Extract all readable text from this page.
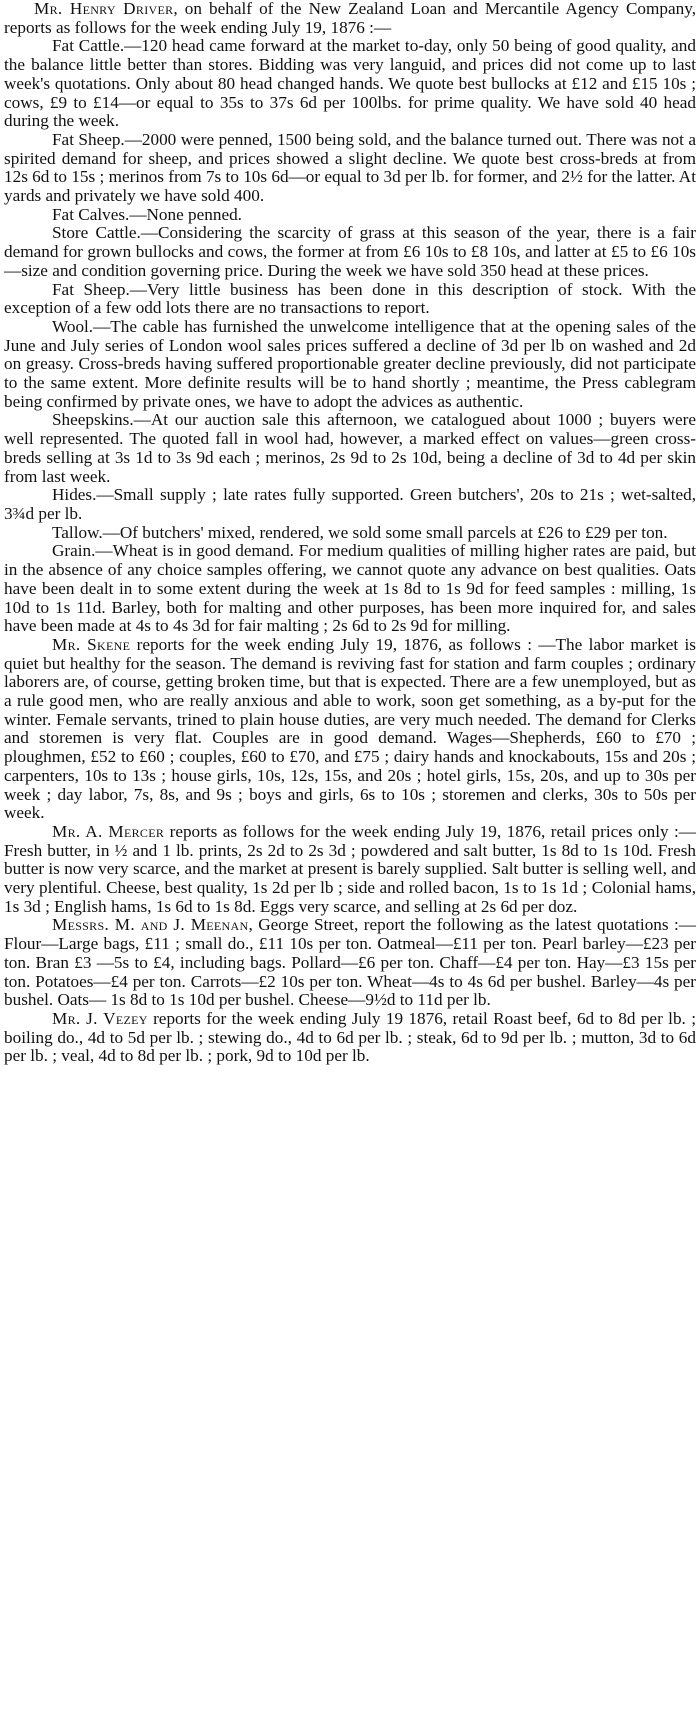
Mr. Henry Driver, on behalf of the New Zealand Loan and Mercantile Agency Company, reports as follows for the week ending July 19, 1876 :—

Fat Cattle.—120 head came forward at the market to-day, only 50 being of good quality, and the balance little better than stores. Bidding was very languid, and prices did not come up to last week's quotations. Only about 80 head changed hands. We quote best bullocks at £12 and £15 10s ; cows, £9 to £14—or equal to 35s to 37s 6d per 100lbs. for prime quality. We have sold 40 head during the week.

Fat Sheep.—2000 were penned, 1500 being sold, and the balance turned out. There was not a spirited demand for sheep, and prices showed a slight decline. We quote best cross-breds at from 12s 6d to 15s ; merinos from 7s to 10s 6d—or equal to 3d per lb. for former, and 2½ for the latter. At yards and privately we have sold 400.

Fat Calves.—None penned.

Store Cattle.—Considering the scarcity of grass at this season of the year, there is a fair demand for grown bullocks and cows, the former at from £6 10s to £8 10s, and latter at £5 to £6 10s—size and condition governing price. During the week we have sold 350 head at these prices.

Fat Sheep.—Very little business has been done in this description of stock. With the exception of a few odd lots there are no transactions to report.

Wool.—The cable has furnished the unwelcome intelligence that at the opening sales of the June and July series of London wool sales prices suffered a decline of 3d per lb on washed and 2d on greasy. Cross-breds having suffered proportionable greater decline previously, did not participate to the same extent. More definite results will be to hand shortly ; meantime, the Press cablegram being confirmed by private ones, we have to adopt the advices as authentic.

Sheepskins.—At our auction sale this afternoon, we catalogued about 1000 ; buyers were well represented. The quoted fall in wool had, however, a marked effect on values—green cross-breds selling at 3s 1d to 3s 9d each ; merinos, 2s 9d to 2s 10d, being a decline of 3d to 4d per skin from last week.

Hides.—Small supply ; late rates fully supported. Green butchers', 20s to 21s ; wet-salted, 3¾d per lb.

Tallow.—Of butchers' mixed, rendered, we sold some small parcels at £26 to £29 per ton.

Grain.—Wheat is in good demand. For medium qualities of milling higher rates are paid, but in the absence of any choice samples offering, we cannot quote any advance on best qualities. Oats have been dealt in to some extent during the week at 1s 8d to 1s 9d for feed samples : milling, 1s 10d to 1s 11d. Barley, both for malting and other purposes, has been more inquired for, and sales have been made at 4s to 4s 3d for fair malting ; 2s 6d to 2s 9d for milling.

Mr. Skene reports for the week ending July 19, 1876, as follows : —The labor market is quiet but healthy for the season. The demand is reviving fast for station and farm couples ; ordinary laborers are, of course, getting broken time, but that is expected. There are a few unemployed, but as a rule good men, who are really anxious and able to work, soon get something, as a by-put for the winter. Female servants, trined to plain house duties, are very much needed. The demand for Clerks and storemen is very flat. Couples are in good demand. Wages—Shepherds, £60 to £70 ; ploughmen, £52 to £60 ; couples, £60 to £70, and £75 ; dairy hands and knockabouts, 15s and 20s ; carpenters, 10s to 13s ; house girls, 10s, 12s, 15s, and 20s ; hotel girls, 15s, 20s, and up to 30s per week ; day labor, 7s, 8s, and 9s ; boys and girls, 6s to 10s ; storemen and clerks, 30s to 50s per week.

Mr. A. Mercer reports as follows for the week ending July 19, 1876, retail prices only :—Fresh butter, in ½ and 1 lb. prints, 2s 2d to 2s 3d ; powdered and salt butter, 1s 8d to 1s 10d. Fresh butter is now very scarce, and the market at present is barely supplied. Salt butter is selling well, and very plentiful. Cheese, best quality, 1s 2d per lb ; side and rolled bacon, 1s to 1s 1d ; Colonial hams, 1s 3d ; English hams, 1s 6d to 1s 8d. Eggs very scarce, and selling at 2s 6d per doz.

Messrs. M. and J. Meenan, George Street, report the following as the latest quotations :—Flour—Large bags, £11 ; small do., £11 10s per ton. Oatmeal—£11 per ton. Pearl barley—£23 per ton. Bran £3 —5s to £4, including bags. Pollard—£6 per ton. Chaff—£4 per ton. Hay—£3 15s per ton. Potatoes—£4 per ton. Carrots—£2 10s per ton. Wheat—4s to 4s 6d per bushel. Barley—4s per bushel. Oats— 1s 8d to 1s 10d per bushel. Cheese—9½d to 11d per lb.

Mr. J. Vezey reports for the week ending July 19 1876, retail Roast beef, 6d to 8d per lb. ; boiling do., 4d to 5d per lb. ; stewing do., 4d to 6d per lb. ; steak, 6d to 9d per lb. ; mutton, 3d to 6d per lb. ; veal, 4d to 8d per lb. ; pork, 9d to 10d per lb.
